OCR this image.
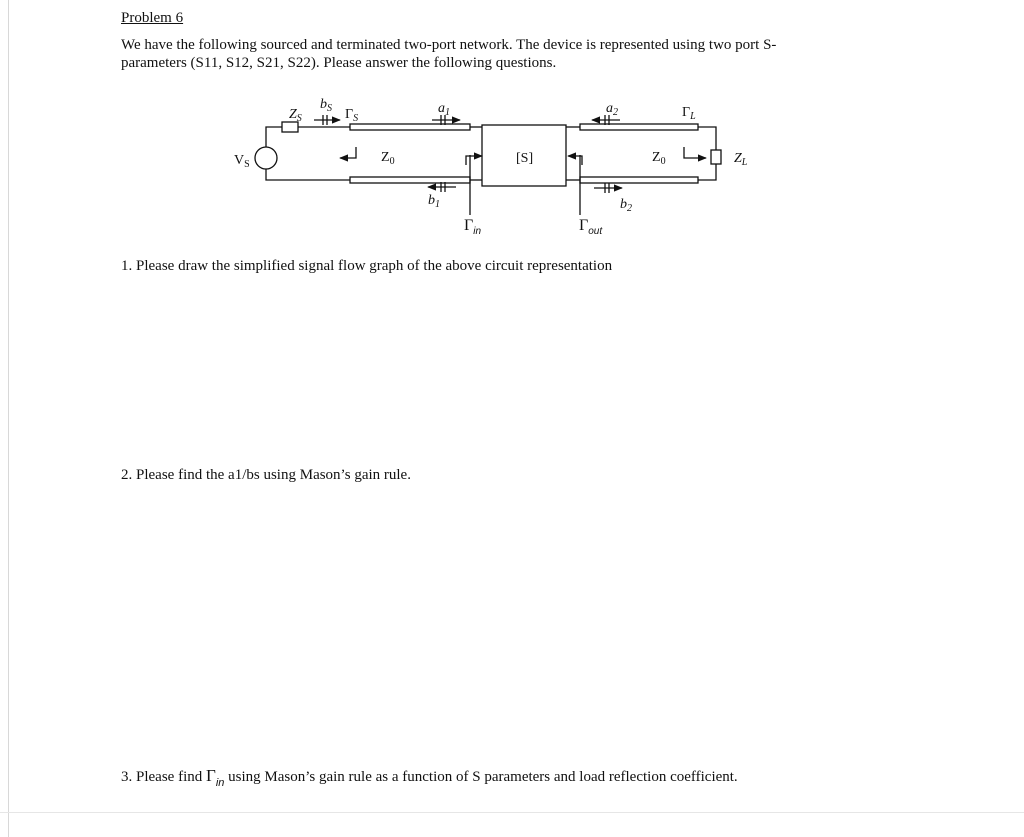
Problem 6
We have the following sourced and terminated two-port network. The device is represented using two port S-
parameters (S11, S12, S21, S22). Please answer the following questions.
$V_S$
$Z_S$
$b_S$ $\Gamma_S$
$a_1$
$Z_0$
$b_1$
[S]
$a_2$
$b_2$
$Z_0$
$\Gamma_L$
$Z_L$
$\Gamma_{in}$	$\Gamma_{out}$
1. Please draw the simplified signal flow graph of the above circuit representation
2. Please find the a1/bs using Mason’s gain rule.
3. Please find $\Gamma_{in}$ using Mason’s gain rule as a function of S parameters and load reflection coefficient.
